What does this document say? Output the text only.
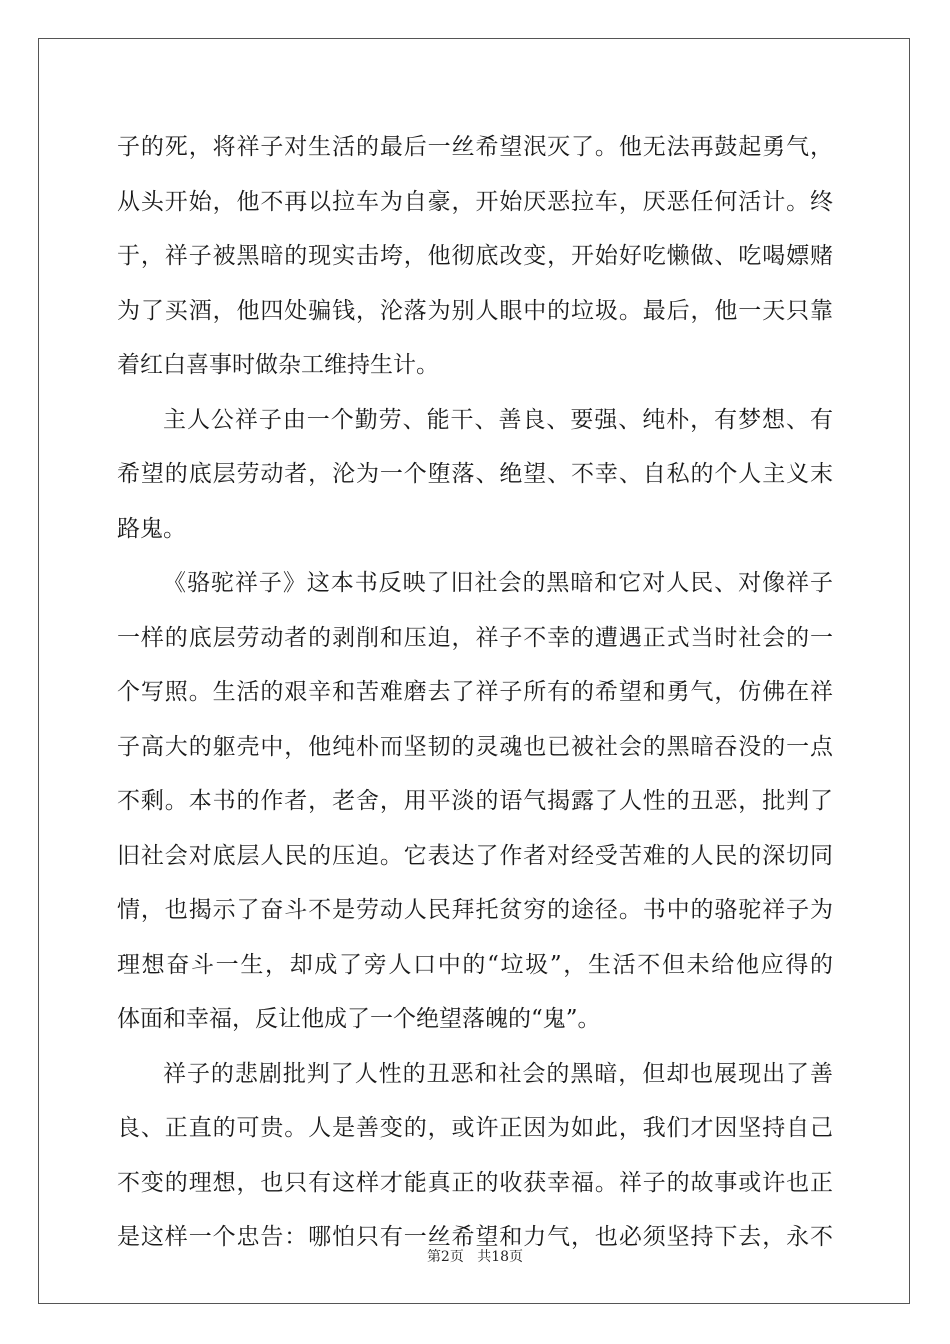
子的死，将祥子对生活的最后一丝希望泯灭了。他无法再鼓起勇气，
从头开始，他不再以拉车为自豪，开始厌恶拉车，厌恶任何活计。终
于，祥子被黑暗的现实击垮，他彻底改变，开始好吃懒做、吃喝嫖赌
为了买酒，他四处骗钱，沦落为别人眼中的垃圾。最后，他一天只靠
着红白喜事时做杂工维持生计。
主人公祥子由一个勤劳、能干、善良、要强、纯朴，有梦想、有
希望的底层劳动者，沦为一个堕落、绝望、不幸、自私的个人主义末
路鬼。
《骆驼祥子》这本书反映了旧社会的黑暗和它对人民、对像祥子
一样的底层劳动者的剥削和压迫，祥子不幸的遭遇正式当时社会的一
个写照。生活的艰辛和苦难磨去了祥子所有的希望和勇气，仿佛在祥
子高大的躯壳中，他纯朴而坚韧的灵魂也已被社会的黑暗吞没的一点
不剩。本书的作者，老舍，用平淡的语气揭露了人性的丑恶，批判了
旧社会对底层人民的压迫。它表达了作者对经受苦难的人民的深切同
情，也揭示了奋斗不是劳动人民拜托贫穷的途径。书中的骆驼祥子为
理想奋斗一生，却成了旁人口中的“垃圾”，生活不但未给他应得的
体面和幸福，反让他成了一个绝望落魄的“鬼”。
祥子的悲剧批判了人性的丑恶和社会的黑暗，但却也展现出了善
良、正直的可贵。人是善变的，或许正因为如此，我们才因坚持自己
不变的理想，也只有这样才能真正的收获幸福。祥子的故事或许也正
是这样一个忠告：哪怕只有一丝希望和力气，也必须坚持下去，永不
第2页 共18页
